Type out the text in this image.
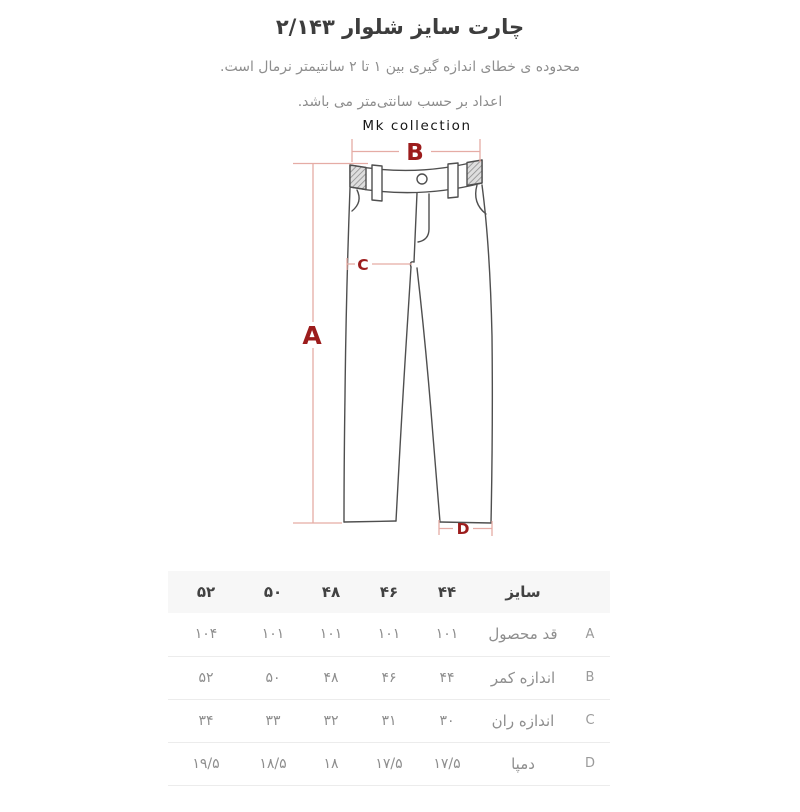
چارت سایز شلوار ۲/۱۴۳
محدوده ی خطای اندازه گیری بین ۱ تا ۲ سانتیمتر نرمال است.
اعداد بر حسب سانتی‌متر می باشد.
Mk collection
B
A
C
D
	سایز	۴۴	۴۶	۴۸	۵۰	۵۲
A	قد محصول	۱۰۱	۱۰۱	۱۰۱	۱۰۱	۱۰۴
B	اندازه کمر	۴۴	۴۶	۴۸	۵۰	۵۲
C	اندازه ران	۳۰	۳۱	۳۲	۳۳	۳۴
D	دمپا	۱۷/۵	۱۷/۵	۱۸	۱۸/۵	۱۹/۵
